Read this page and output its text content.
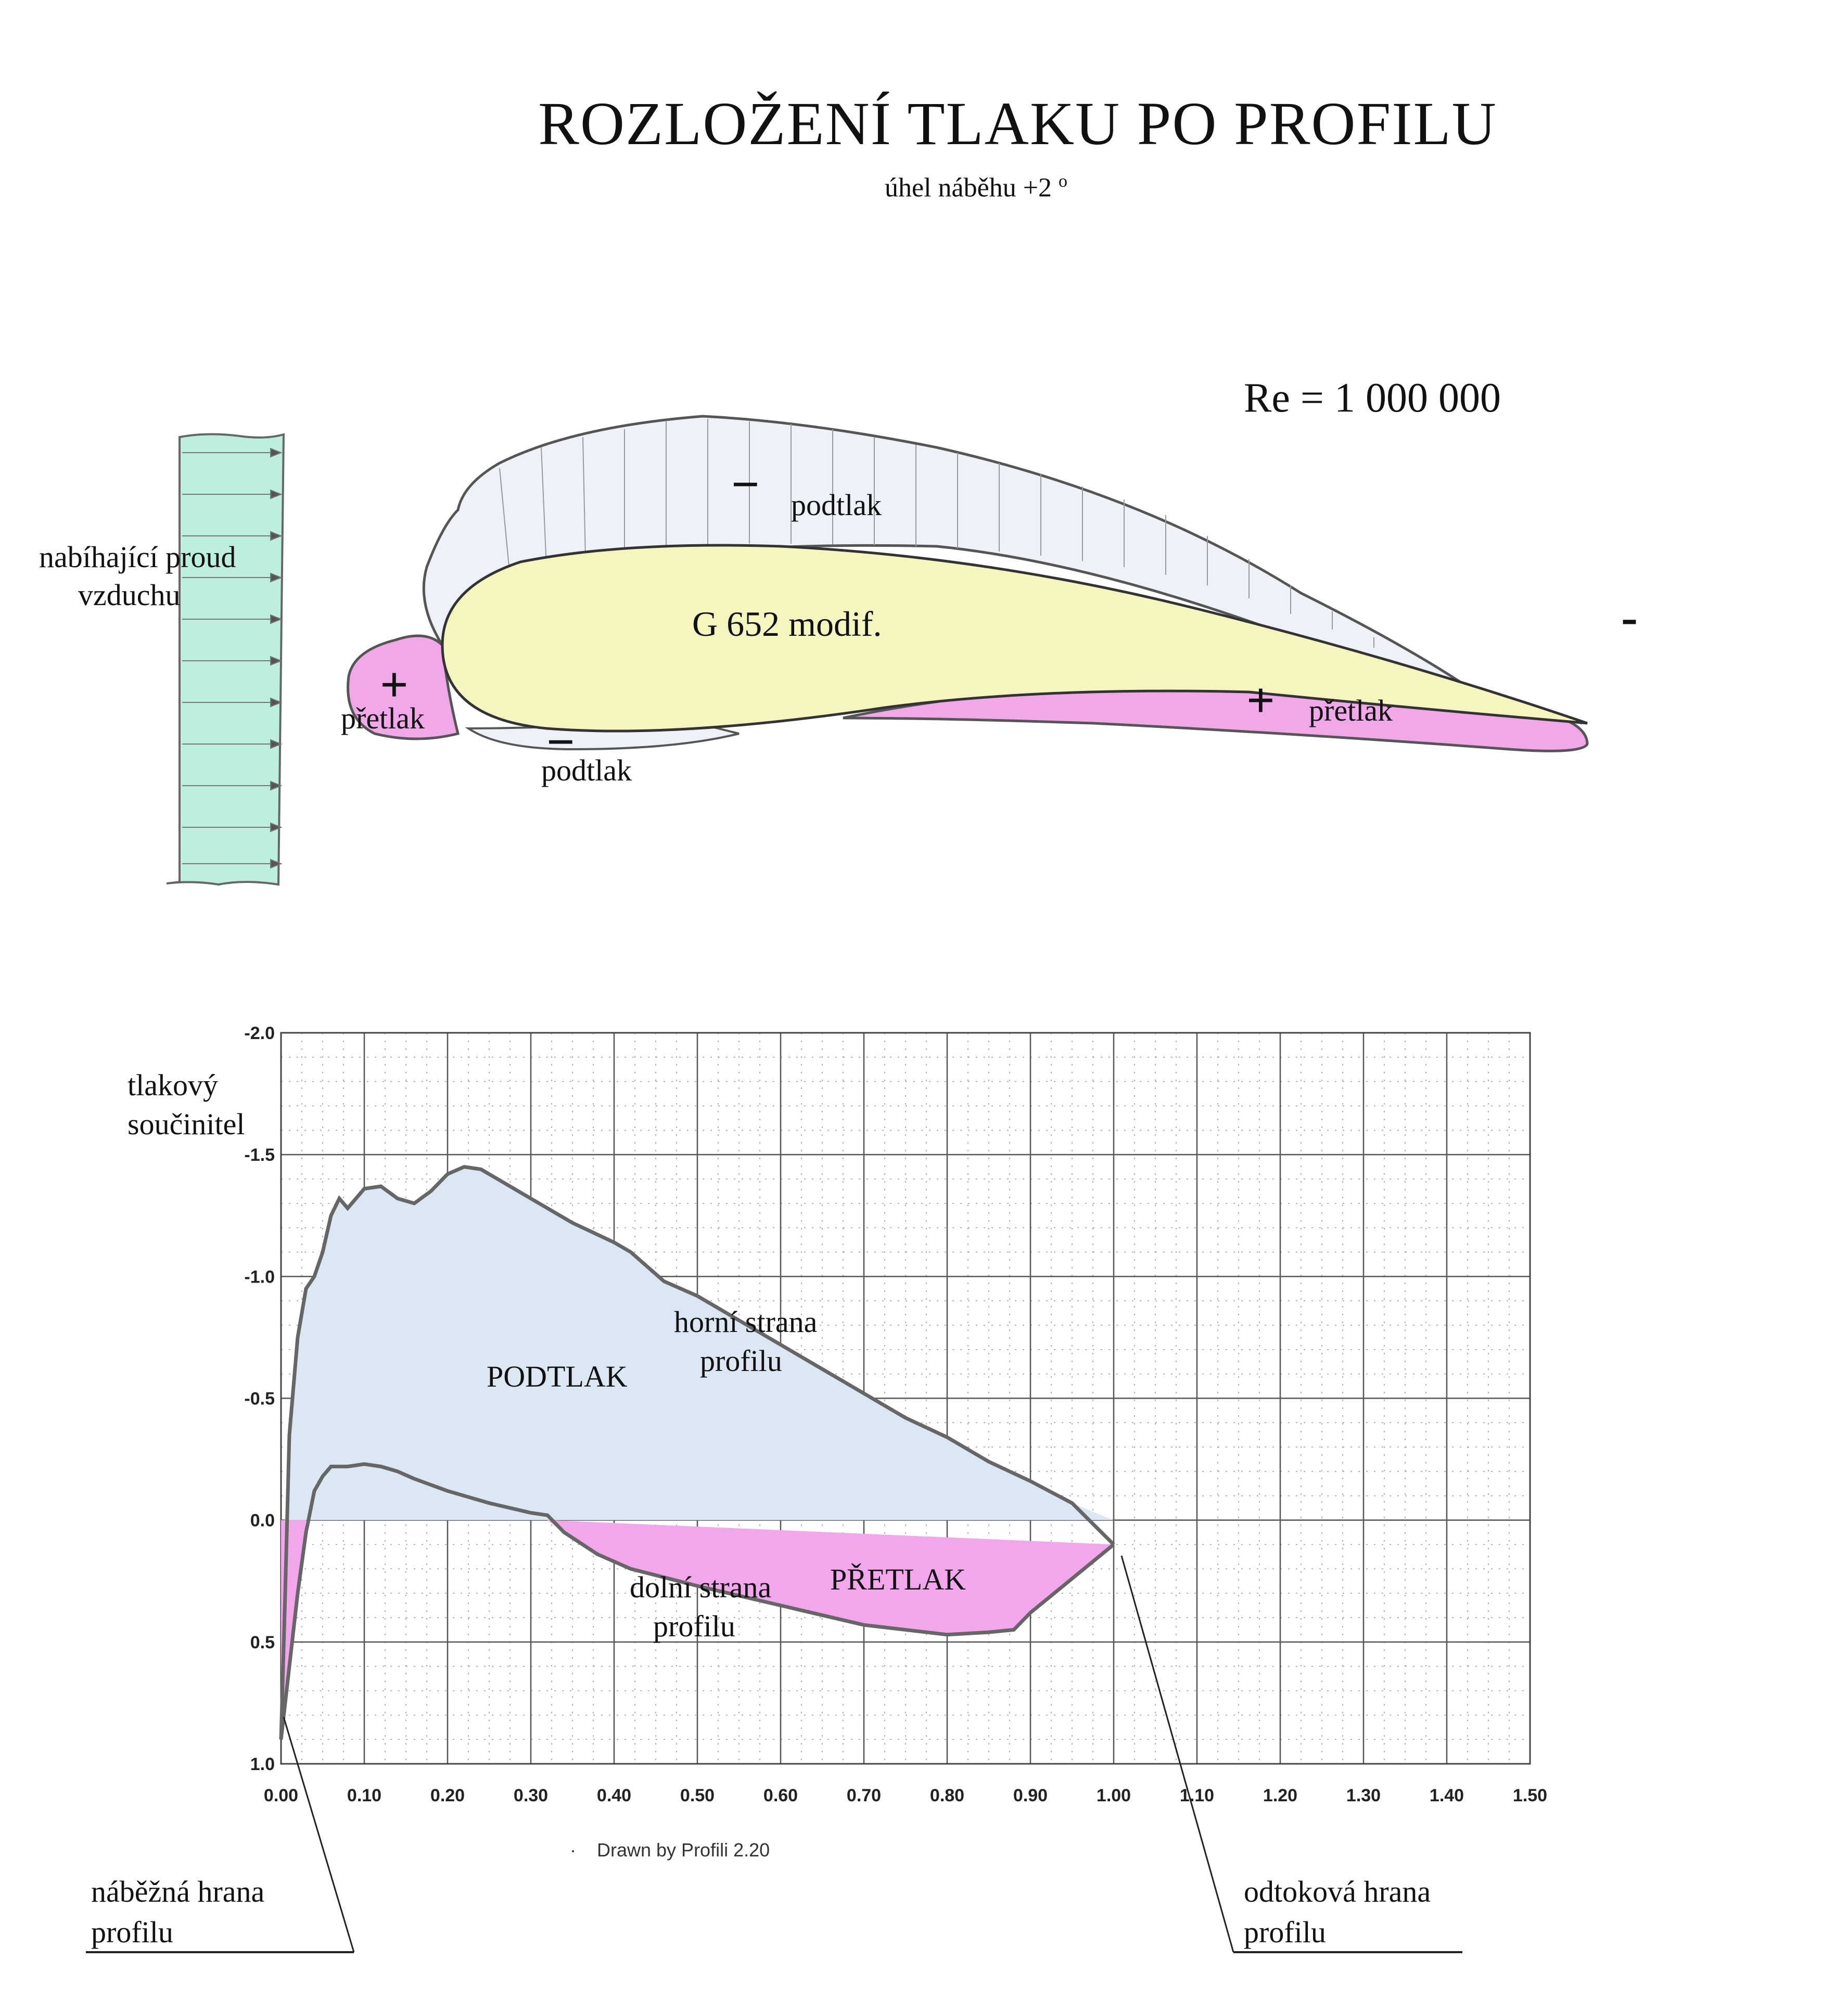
ROZLOŽENÍ TLAKU PO PROFILU
úhel náběhu +2 $^o$
Re = 1 000 000
nabíhající proud
vzduchu
G 652 modif.
− podtlak
+
přetlak −
podtlak
+ přetlak
-
0.00	0.10	0.20	0.30	0.40	0.50	0.60	0.70	0.80	0.90	1.00	1.10	1.20	1.30	1.40	1.50
-2.0
-1.5
-1.0
-0.5
0.0
0.5
1.0
tlakový
součinitel
PODTLAK
horní strana
profilu
PŘETLAK
dolní strana
profilu
·    Drawn by Profili 2.20
náběžná hrana
profilu
odtoková hrana
profilu
